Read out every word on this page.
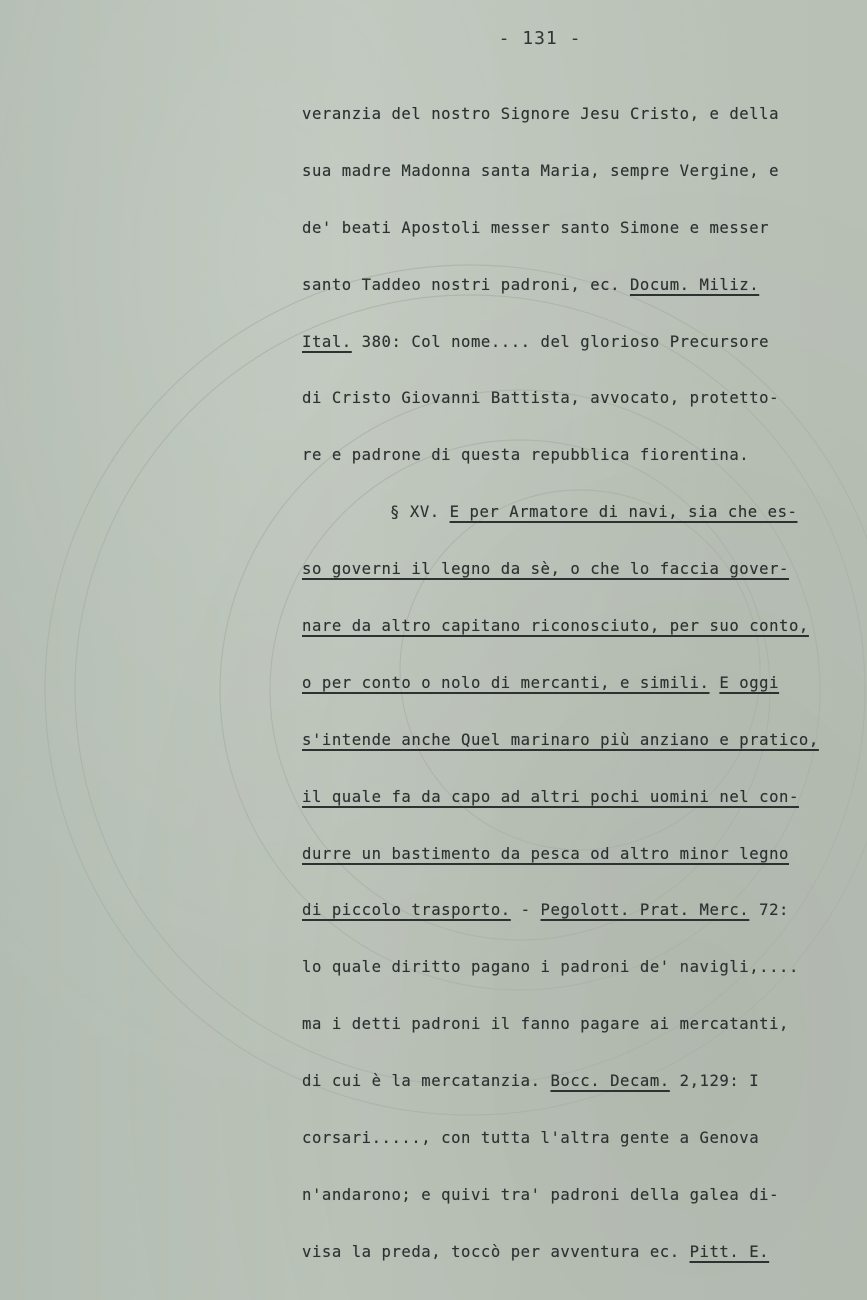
- 131 -
veranzia del nostro Signore Jesu Cristo, e della
sua madre Madonna santa Maria, sempre Vergine, e
de' beati Apostoli messer santo Simone e messer
santo Taddeo nostri padroni, ec. Docum. Miliz.
Ital. 380: Col nome.... del glorioso Precursore
di Cristo Giovanni Battista, avvocato, protetto-
re e padrone di questa repubblica fiorentina.
§ XV. E per Armatore di navi, sia che es-
so governi il legno da sè, o che lo faccia gover-
nare da altro capitano riconosciuto, per suo conto,
o per conto o nolo di mercanti, e simili. E oggi
s'intende anche Quel marinaro più anziano e pratico,
il quale fa da capo ad altri pochi uomini nel con-
durre un bastimento da pesca od altro minor legno
di piccolo trasporto. - Pegolott. Prat. Merc. 72:
lo quale diritto pagano i padroni de' navigli,....
ma i detti padroni il fanno pagare ai mercatanti,
di cui è la mercatanzia. Bocc. Decam. 2,129: I
corsari....., con tutta l'altra gente a Genova
n'andarono; e quivi tra' padroni della galea di-
visa la preda, toccò per avventura ec. Pitt. E.
